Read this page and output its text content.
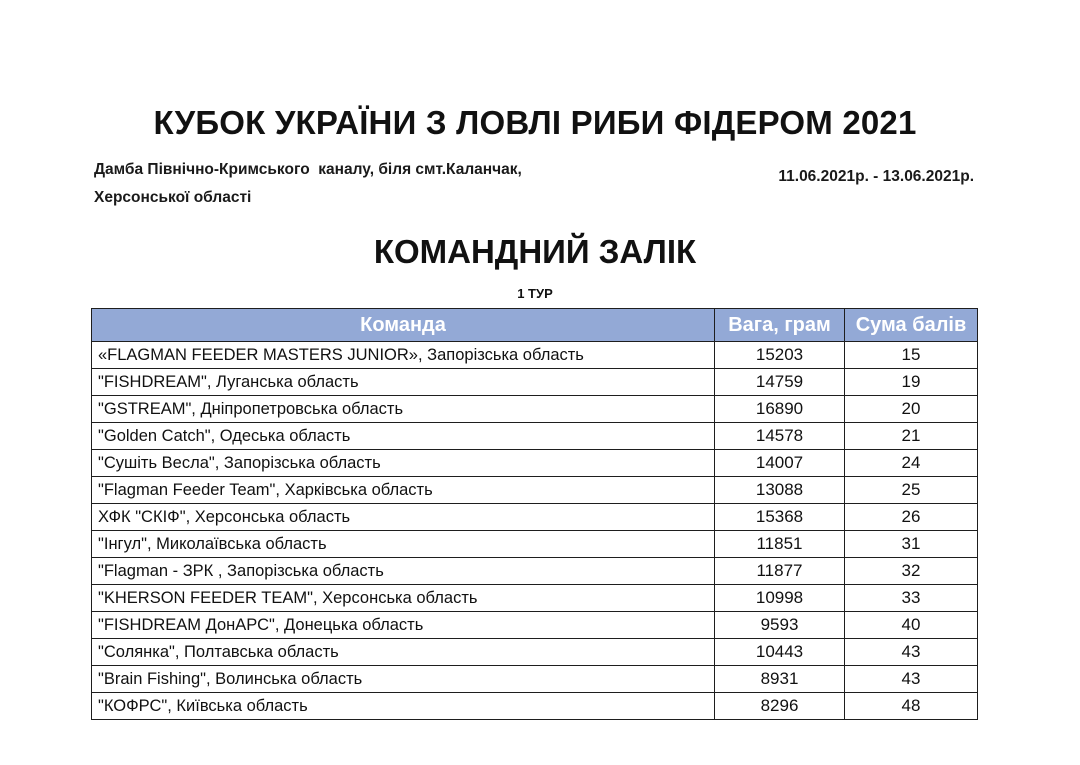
КУБОК УКРАЇНИ З ЛОВЛІ РИБИ ФІДЕРОМ 2021
Дамба Північно-Кримського  каналу, біля смт.Каланчак,
Херсонської області
11.06.2021р. - 13.06.2021р.
КОМАНДНИЙ ЗАЛІК
1 ТУР
Команда	Вага, грам	Сума балів
«FLAGMAN FEEDER MASTERS JUNIOR», Запорізська область	15203	15
"FISHDREAM", Луганська область	14759	19
"GSTREAM", Дніпропетровська область	16890	20
"Golden Catch", Одеська область	14578	21
"Сушіть Весла", Запорізська область	14007	24
"Flagman Feeder Team", Харківська область	13088	25
ХФК "СКІФ", Херсонська область	15368	26
"Інгул", Миколаївська область	11851	31
"Flagman - ЗРК , Запорізська область	11877	32
"KHERSON FEEDER TEAM", Херсонська область	10998	33
"FISHDREAM ДонАРС", Донецька область	9593	40
"Солянка", Полтавська область	10443	43
"Brain Fishing", Волинська область	8931	43
"КОФРС", Київська область	8296	48
